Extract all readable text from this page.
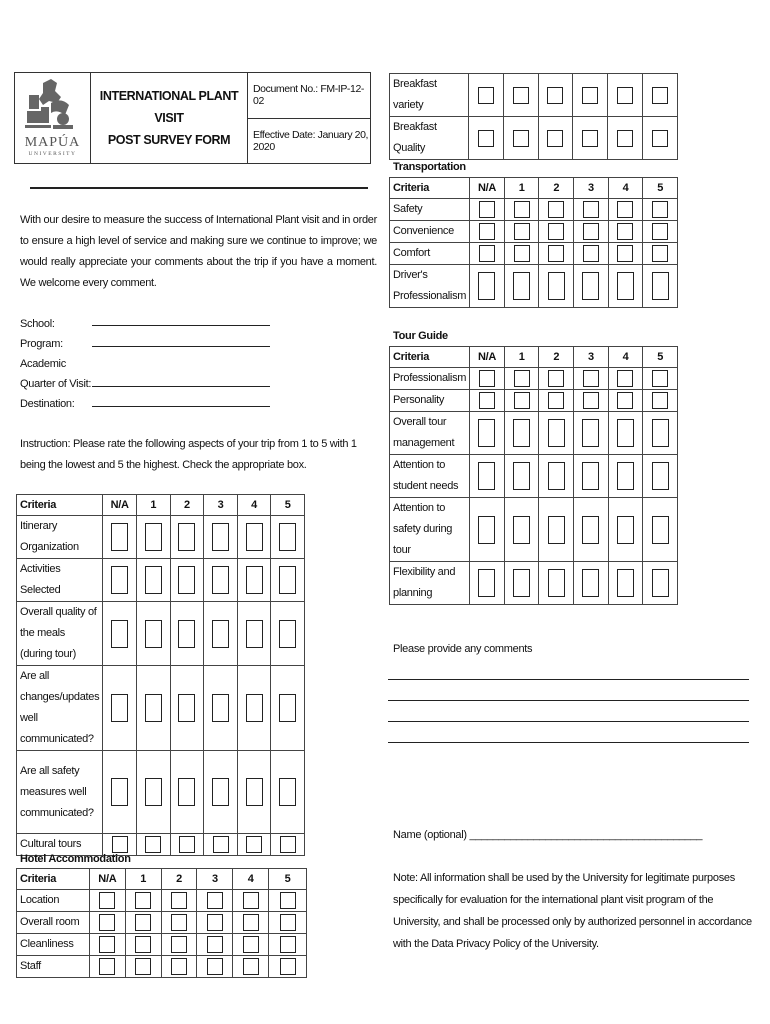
MAPÚA
UNIVERSITY
INTERNATIONAL PLANT VISIT
POST SURVEY FORM
Document No.: FM-IP-12-02
Effective Date: January 20, 2020
With our desire to measure the success of International Plant visit and in order to ensure a high level of service and making sure we continue to improve; we would really appreciate your comments about the trip if you have a moment. We welcome every comment.
School:
Program:
Academic
Quarter of Visit:
Destination:
Instruction: Please rate the following aspects of your trip from 1 to 5 with 1 being the lowest and 5 the highest. Check the appropriate box.
Criteria	N/A	1	2	3	4	5
Itinerary Organization						
Activities Selected						
Overall quality of the meals (during tour)						
Are all changes/updates well communicated?						
Are all safety measures well communicated?						
Cultural tours						
Hotel Accommodation
Criteria	N/A	1	2	3	4	5
Location						
Overall room						
Cleanliness						
Staff						
Breakfast variety						
Breakfast Quality						
Transportation
Criteria	N/A	1	2	3	4	5
Safety						
Convenience						
Comfort						
Driver's Professionalism						
Tour Guide
Criteria	N/A	1	2	3	4	5
Professionalism						
Personality						
Overall tour management						
Attention to student needs						
Attention to safety during tour						
Flexibility and planning						
Please provide any comments
Name (optional) ________________________________________
Note: All information shall be used by the University for legitimate purposes specifically for evaluation for the international plant visit program of the University, and shall be processed only by authorized personnel in accordance with the Data Privacy Policy of the University.
